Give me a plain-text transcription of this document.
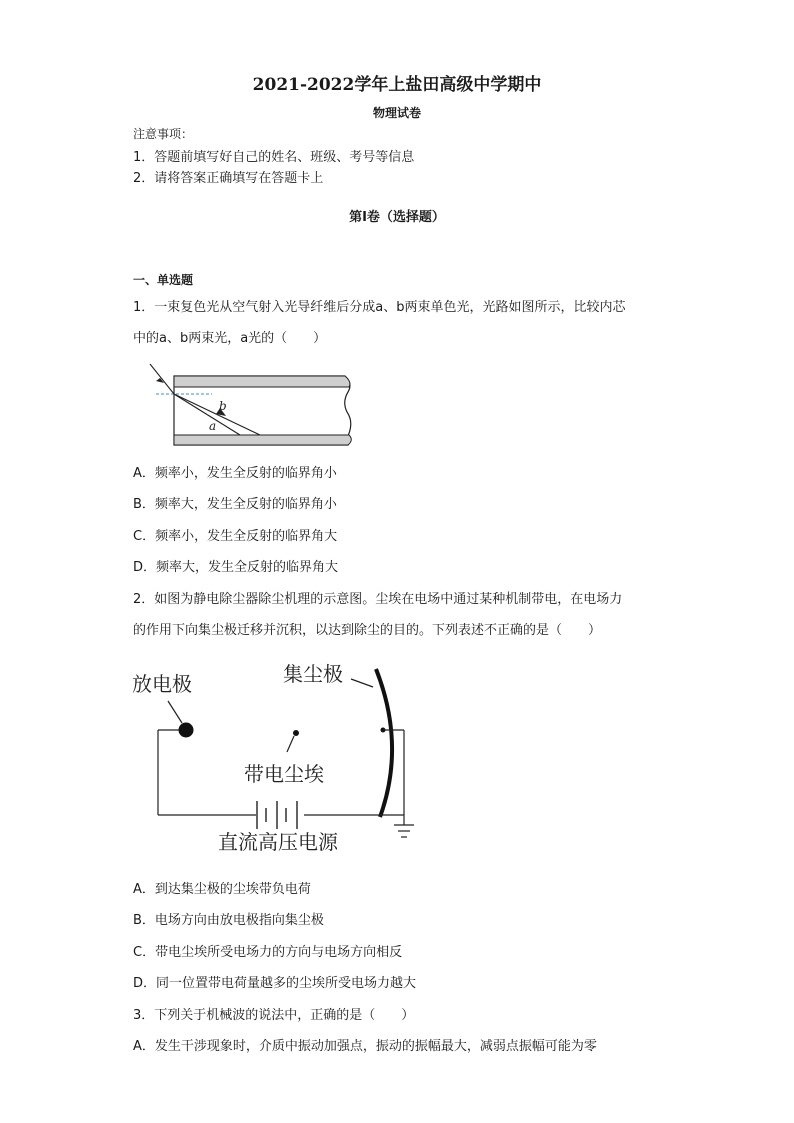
2021-2022学年上盐田高级中学期中
物理试卷
注意事项：
1．答题前填写好自己的姓名、班级、考号等信息
2．请将答案正确填写在答题卡上
第I卷（选择题）
一、单选题
1．一束复色光从空气射入光导纤维后分成a、b两束单色光，光路如图所示，比较内芯
中的a、b两束光，a光的（　　）
b
a
A．频率小，发生全反射的临界角小
B．频率大，发生全反射的临界角小
C．频率小，发生全反射的临界角大
D．频率大，发生全反射的临界角大
2．如图为静电除尘器除尘机理的示意图。尘埃在电场中通过某种机制带电，在电场力
的作用下向集尘极迁移并沉积，以达到除尘的目的。下列表述不正确的是（　　）
放电极	集尘极
带电尘埃
直流高压电源
A．到达集尘极的尘埃带负电荷
B．电场方向由放电极指向集尘极
C．带电尘埃所受电场力的方向与电场方向相反
D．同一位置带电荷量越多的尘埃所受电场力越大
3．下列关于机械波的说法中，正确的是（　　）
A．发生干涉现象时，介质中振动加强点，振动的振幅最大，减弱点振幅可能为零
